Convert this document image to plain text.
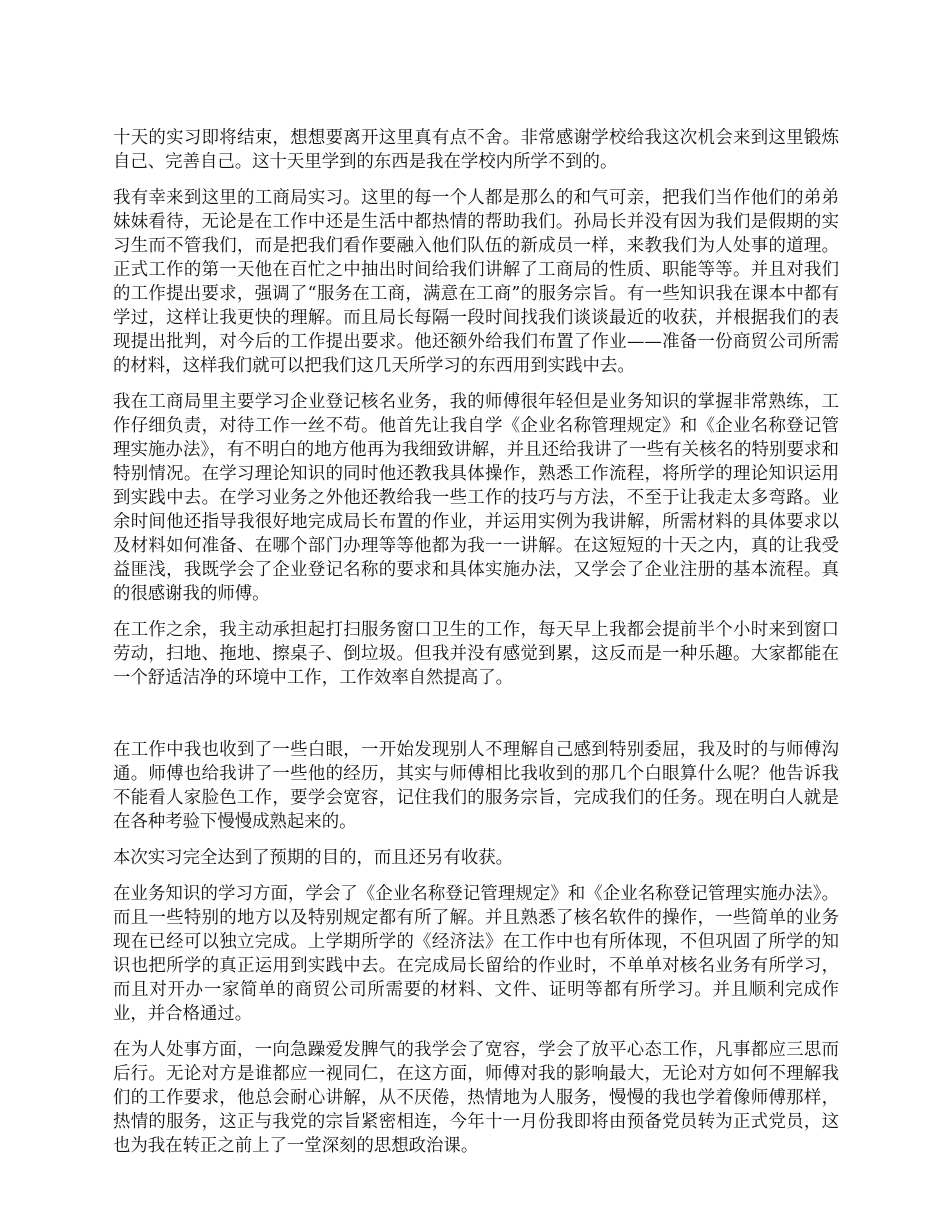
十天的实习即将结束，想想要离开这里真有点不舍。非常感谢学校给我这次机会来到这里锻炼自己、完善自己。这十天里学到的东西是我在学校内所学不到的。

我有幸来到这里的工商局实习。这里的每一个人都是那么的和气可亲，把我们当作他们的弟弟妹妹看待，无论是在工作中还是生活中都热情的帮助我们。孙局长并没有因为我们是假期的实习生而不管我们，而是把我们看作要融入他们队伍的新成员一样，来教我们为人处事的道理。正式工作的第一天他在百忙之中抽出时间给我们讲解了工商局的性质、职能等等。并且对我们的工作提出要求，强调了“服务在工商，满意在工商”的服务宗旨。有一些知识我在课本中都有学过，这样让我更快的理解。而且局长每隔一段时间找我们谈谈最近的收获，并根据我们的表现提出批判，对今后的工作提出要求。他还额外给我们布置了作业——准备一份商贸公司所需的材料，这样我们就可以把我们这几天所学习的东西用到实践中去。

我在工商局里主要学习企业登记核名业务，我的师傅很年轻但是业务知识的掌握非常熟练，工作仔细负责，对待工作一丝不苟。他首先让我自学《企业名称管理规定》和《企业名称登记管理实施办法》，有不明白的地方他再为我细致讲解，并且还给我讲了一些有关核名的特别要求和特别情况。在学习理论知识的同时他还教我具体操作，熟悉工作流程，将所学的理论知识运用到实践中去。在学习业务之外他还教给我一些工作的技巧与方法，不至于让我走太多弯路。业余时间他还指导我很好地完成局长布置的作业，并运用实例为我讲解，所需材料的具体要求以及材料如何准备、在哪个部门办理等等他都为我一一讲解。在这短短的十天之内，真的让我受益匪浅，我既学会了企业登记名称的要求和具体实施办法，又学会了企业注册的基本流程。真的很感谢我的师傅。

在工作之余，我主动承担起打扫服务窗口卫生的工作，每天早上我都会提前半个小时来到窗口劳动，扫地、拖地、擦桌子、倒垃圾。但我并没有感觉到累，这反而是一种乐趣。大家都能在一个舒适洁净的环境中工作，工作效率自然提高了。

在工作中我也收到了一些白眼，一开始发现别人不理解自己感到特别委屈，我及时的与师傅沟通。师傅也给我讲了一些他的经历，其实与师傅相比我收到的那几个白眼算什么呢？他告诉我不能看人家脸色工作，要学会宽容，记住我们的服务宗旨，完成我们的任务。现在明白人就是在各种考验下慢慢成熟起来的。

本次实习完全达到了预期的目的，而且还另有收获。

在业务知识的学习方面，学会了《企业名称登记管理规定》和《企业名称登记管理实施办法》。而且一些特别的地方以及特别规定都有所了解。并且熟悉了核名软件的操作，一些简单的业务现在已经可以独立完成。上学期所学的《经济法》在工作中也有所体现，不但巩固了所学的知识也把所学的真正运用到实践中去。在完成局长留给的作业时，不单单对核名业务有所学习，而且对开办一家简单的商贸公司所需要的材料、文件、证明等都有所学习。并且顺利完成作业，并合格通过。

在为人处事方面，一向急躁爱发脾气的我学会了宽容，学会了放平心态工作，凡事都应三思而后行。无论对方是谁都应一视同仁，在这方面，师傅对我的影响最大，无论对方如何不理解我们的工作要求，他总会耐心讲解，从不厌倦，热情地为人服务，慢慢的我也学着像师傅那样，热情的服务，这正与我党的宗旨紧密相连，今年十一月份我即将由预备党员转为正式党员，这也为我在转正之前上了一堂深刻的思想政治课。
